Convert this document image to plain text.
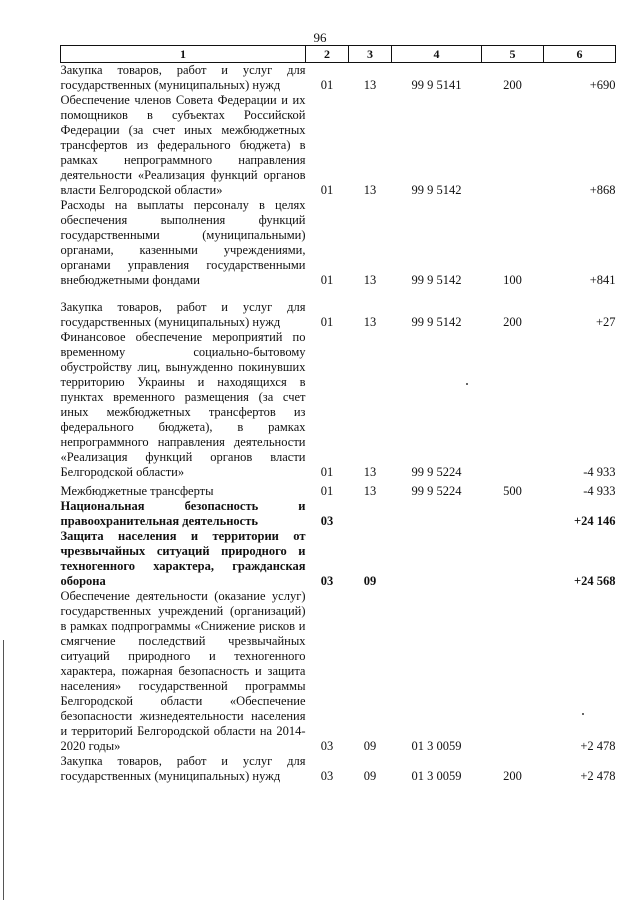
96
1	2	3	4	5	6
Закупка товаров, работ и услуг для государственных (муниципальных) нужд	01	13	99 9 5141	200	+690
Обеспечение членов Совета Федерации и их помощников в субъектах Российской Федерации (за счет иных межбюджетных трансфертов из федерального бюджета) в рамках непрограммного направления деятельности «Реализация функций органов власти Белгородской области»	01	13	99 9 5142		+868
Расходы на выплаты персоналу в целях обеспечения выполнения функций государственными (муниципальными) органами, казенными учреждениями, органами управления государственными внебюджетными фондами	01	13	99 9 5142	100	+841

Закупка товаров, работ и услуг для государственных (муниципальных) нужд	01	13	99 9 5142	200	+27
Финансовое обеспечение мероприятий по временному социально-бытовому обустройству лиц, вынужденно покинувших территорию Украины и находящихся в пунктах временного размещения (за счет иных межбюджетных трансфертов из федерального бюджета), в рамках непрограммного направления деятельности «Реализация функций органов власти Белгородской области»	01	13	99 9 5224		-4 933

Межбюджетные трансферты	01	13	99 9 5224	500	-4 933
Национальная безопасность и правоохранительная деятельность	03				+24 146
Защита населения и территории от чрезвычайных ситуаций природного и техногенного характера, гражданская оборона	03	09			+24 568
Обеспечение деятельности (оказание услуг) государственных учреждений (организаций) в рамках подпрограммы «Снижение рисков и смягчение последствий чрезвычайных ситуаций природного и техногенного характера, пожарная безопасность и защита населения» государственной программы Белгородской области «Обеспечение безопасности жизнедеятельности населения и территорий Белгородской области на 2014-2020 годы»	03	09	01 3 0059		+2 478
Закупка товаров, работ и услуг для государственных (муниципальных) нужд	03	09	01 3 0059	200	+2 478
